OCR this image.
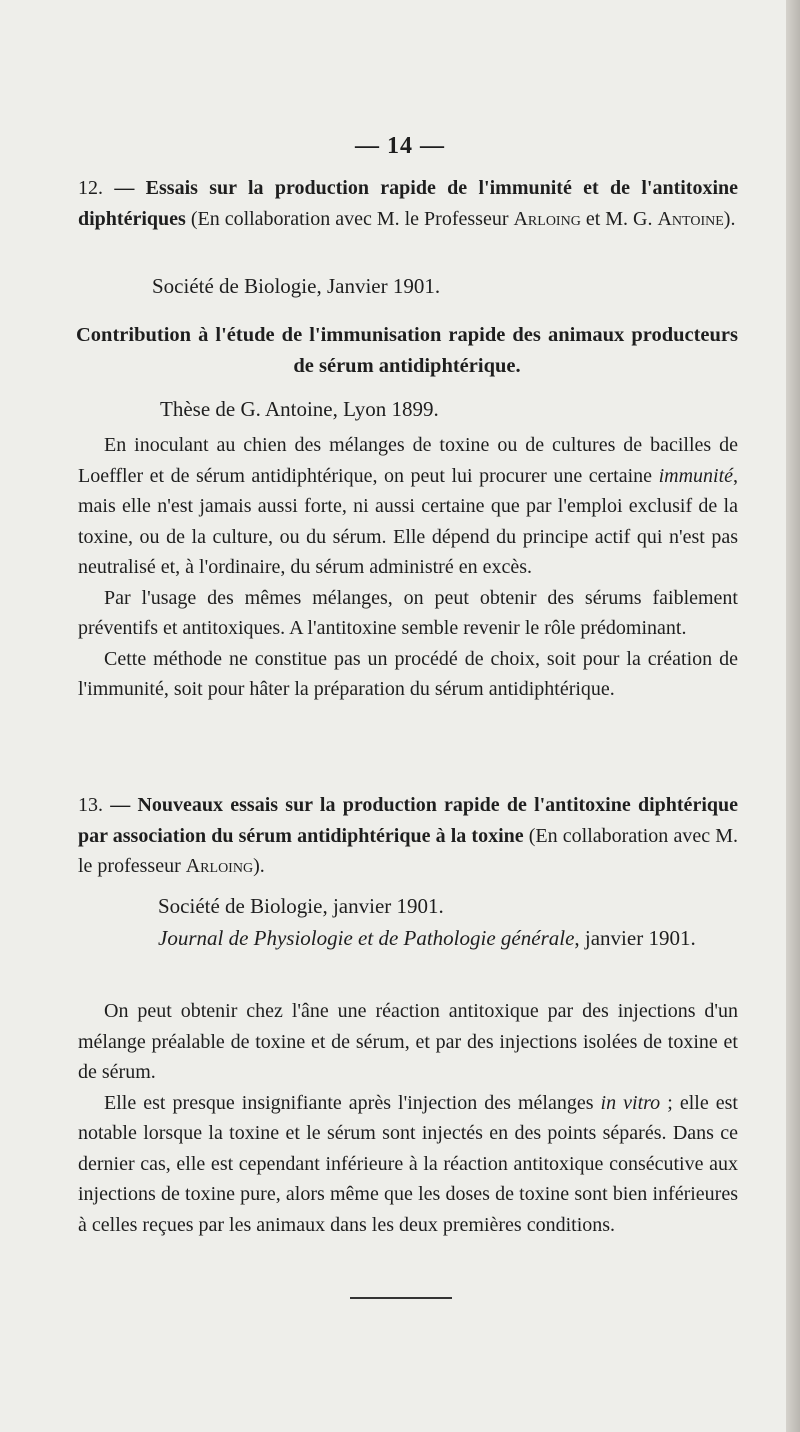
— 14 —

12. — Essais sur la production rapide de l'immunité et de l'antitoxine diphtériques (En collaboration avec M. le Professeur Arloing et M. G. Antoine).

Société de Biologie, Janvier 1901.

Contribution à l'étude de l'immunisation rapide des animaux producteurs de sérum antidiphtérique.

Thèse de G. Antoine, Lyon 1899.

En inoculant au chien des mélanges de toxine ou de cultures de bacilles de Loeffler et de sérum antidiphtérique, on peut lui procurer une certaine immunité, mais elle n'est jamais aussi forte, ni aussi certaine que par l'emploi exclusif de la toxine, ou de la culture, ou du sérum. Elle dépend du principe actif qui n'est pas neutralisé et, à l'ordinaire, du sérum administré en excès.

Par l'usage des mêmes mélanges, on peut obtenir des sérums faiblement préventifs et antitoxiques. A l'antitoxine semble revenir le rôle prédominant.

Cette méthode ne constitue pas un procédé de choix, soit pour la création de l'immunité, soit pour hâter la préparation du sérum antidiphtérique.

13. — Nouveaux essais sur la production rapide de l'antitoxine diphtérique par association du sérum antidiphtérique à la toxine (En collaboration avec M. le professeur Arloing).

Société de Biologie, janvier 1901.

Journal de Physiologie et de Pathologie générale, janvier 1901.

On peut obtenir chez l'âne une réaction antitoxique par des injections d'un mélange préalable de toxine et de sérum, et par des injections isolées de toxine et de sérum.

Elle est presque insignifiante après l'injection des mélanges in vitro ; elle est notable lorsque la toxine et le sérum sont injectés en des points séparés. Dans ce dernier cas, elle est cependant inférieure à la réaction antitoxique consécutive aux injections de toxine pure, alors même que les doses de toxine sont bien inférieures à celles reçues par les animaux dans les deux premières conditions.
